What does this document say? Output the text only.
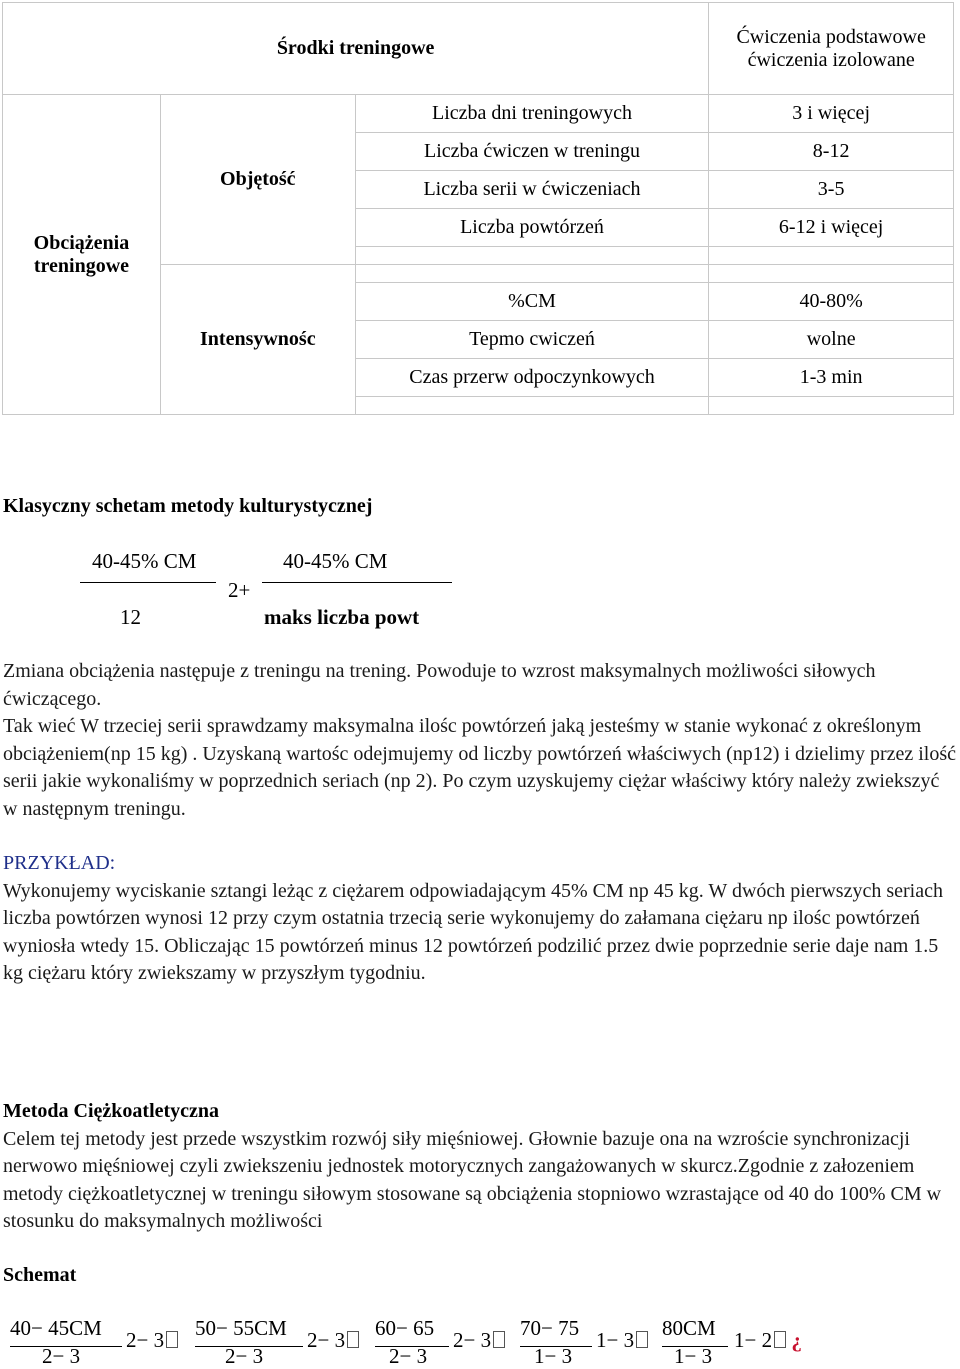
Środki treningowe			Ćwiczenia podstawowe
ćwiczenia izolowane

Obciążenia
treningowe	Objętość	Liczba dni treningowych	3 i więcej
		Liczba ćwiczen w treningu	8-12
		Liczba serii w ćwiczeniach	3-5
		Liczba powtórzeń	6-12 i więcej

	Intensywnośc		
		%CM	40-80%
		Tepmo cwiczeń	wolne
		Czas przerw odpoczynkowych	1-3 min

Klasyczny schetam metody kulturystycznej
40-45% CM
12
2+
40-45% CM
maks liczba powt

Zmiana obciążenia następuje z treningu na trening. Powoduje to wzrost maksymalnych możliwości siłowych ćwiczącego.

Tak wieć W trzeciej serii sprawdzamy maksymalna ilośc powtórzeń jaką jesteśmy w stanie wykonać z określonym obciążeniem(np 15 kg) . Uzyskaną wartośc odejmujemy od liczby powtórzeń właściwych (np12) i dzielimy przez ilość serii jakie wykonaliśmy w poprzednich seriach (np 2). Po czym uzyskujemy ciężar właściwy który należy zwiekszyć w następnym treningu.

PRZYKŁAD:

Wykonujemy wyciskanie sztangi leżąc z ciężarem odpowiadającym 45% CM np 45 kg. W dwóch pierwszych seriach liczba powtórzen wynosi 12 przy czym ostatnia trzecią serie wykonujemy do załamana ciężaru np ilośc powtórzeń wyniosła wtedy 15. Obliczając 15 powtórzeń minus 12 powtórzeń podzilić przez dwie poprzednie serie daje nam 1.5 kg ciężaru który zwiekszamy w przyszłym tygodniu.

Metoda Ciężkoatletyczna

Celem tej metody jest przede wszystkim rozwój siły mięśniowej. Głownie bazuje ona na wzroście synchronizacji nerwowo mięśniowej czyli zwiekszeniu jednostek motorycznych zangażowanych w skurcz.Zgodnie z załozeniem metody ciężkoatletycznej w treningu siłowym stosowane są obciążenia stopniowo wzrastające od 40 do 100% CM w stosunku do maksymalnych możliwości

Schemat
40− 45CM
2− 3
2− 3	50− 55CM
2− 3
2− 3	60− 65
2− 3
2− 3	70− 75
1− 3
1− 3	80CM
1− 3
1− 2 ¿
